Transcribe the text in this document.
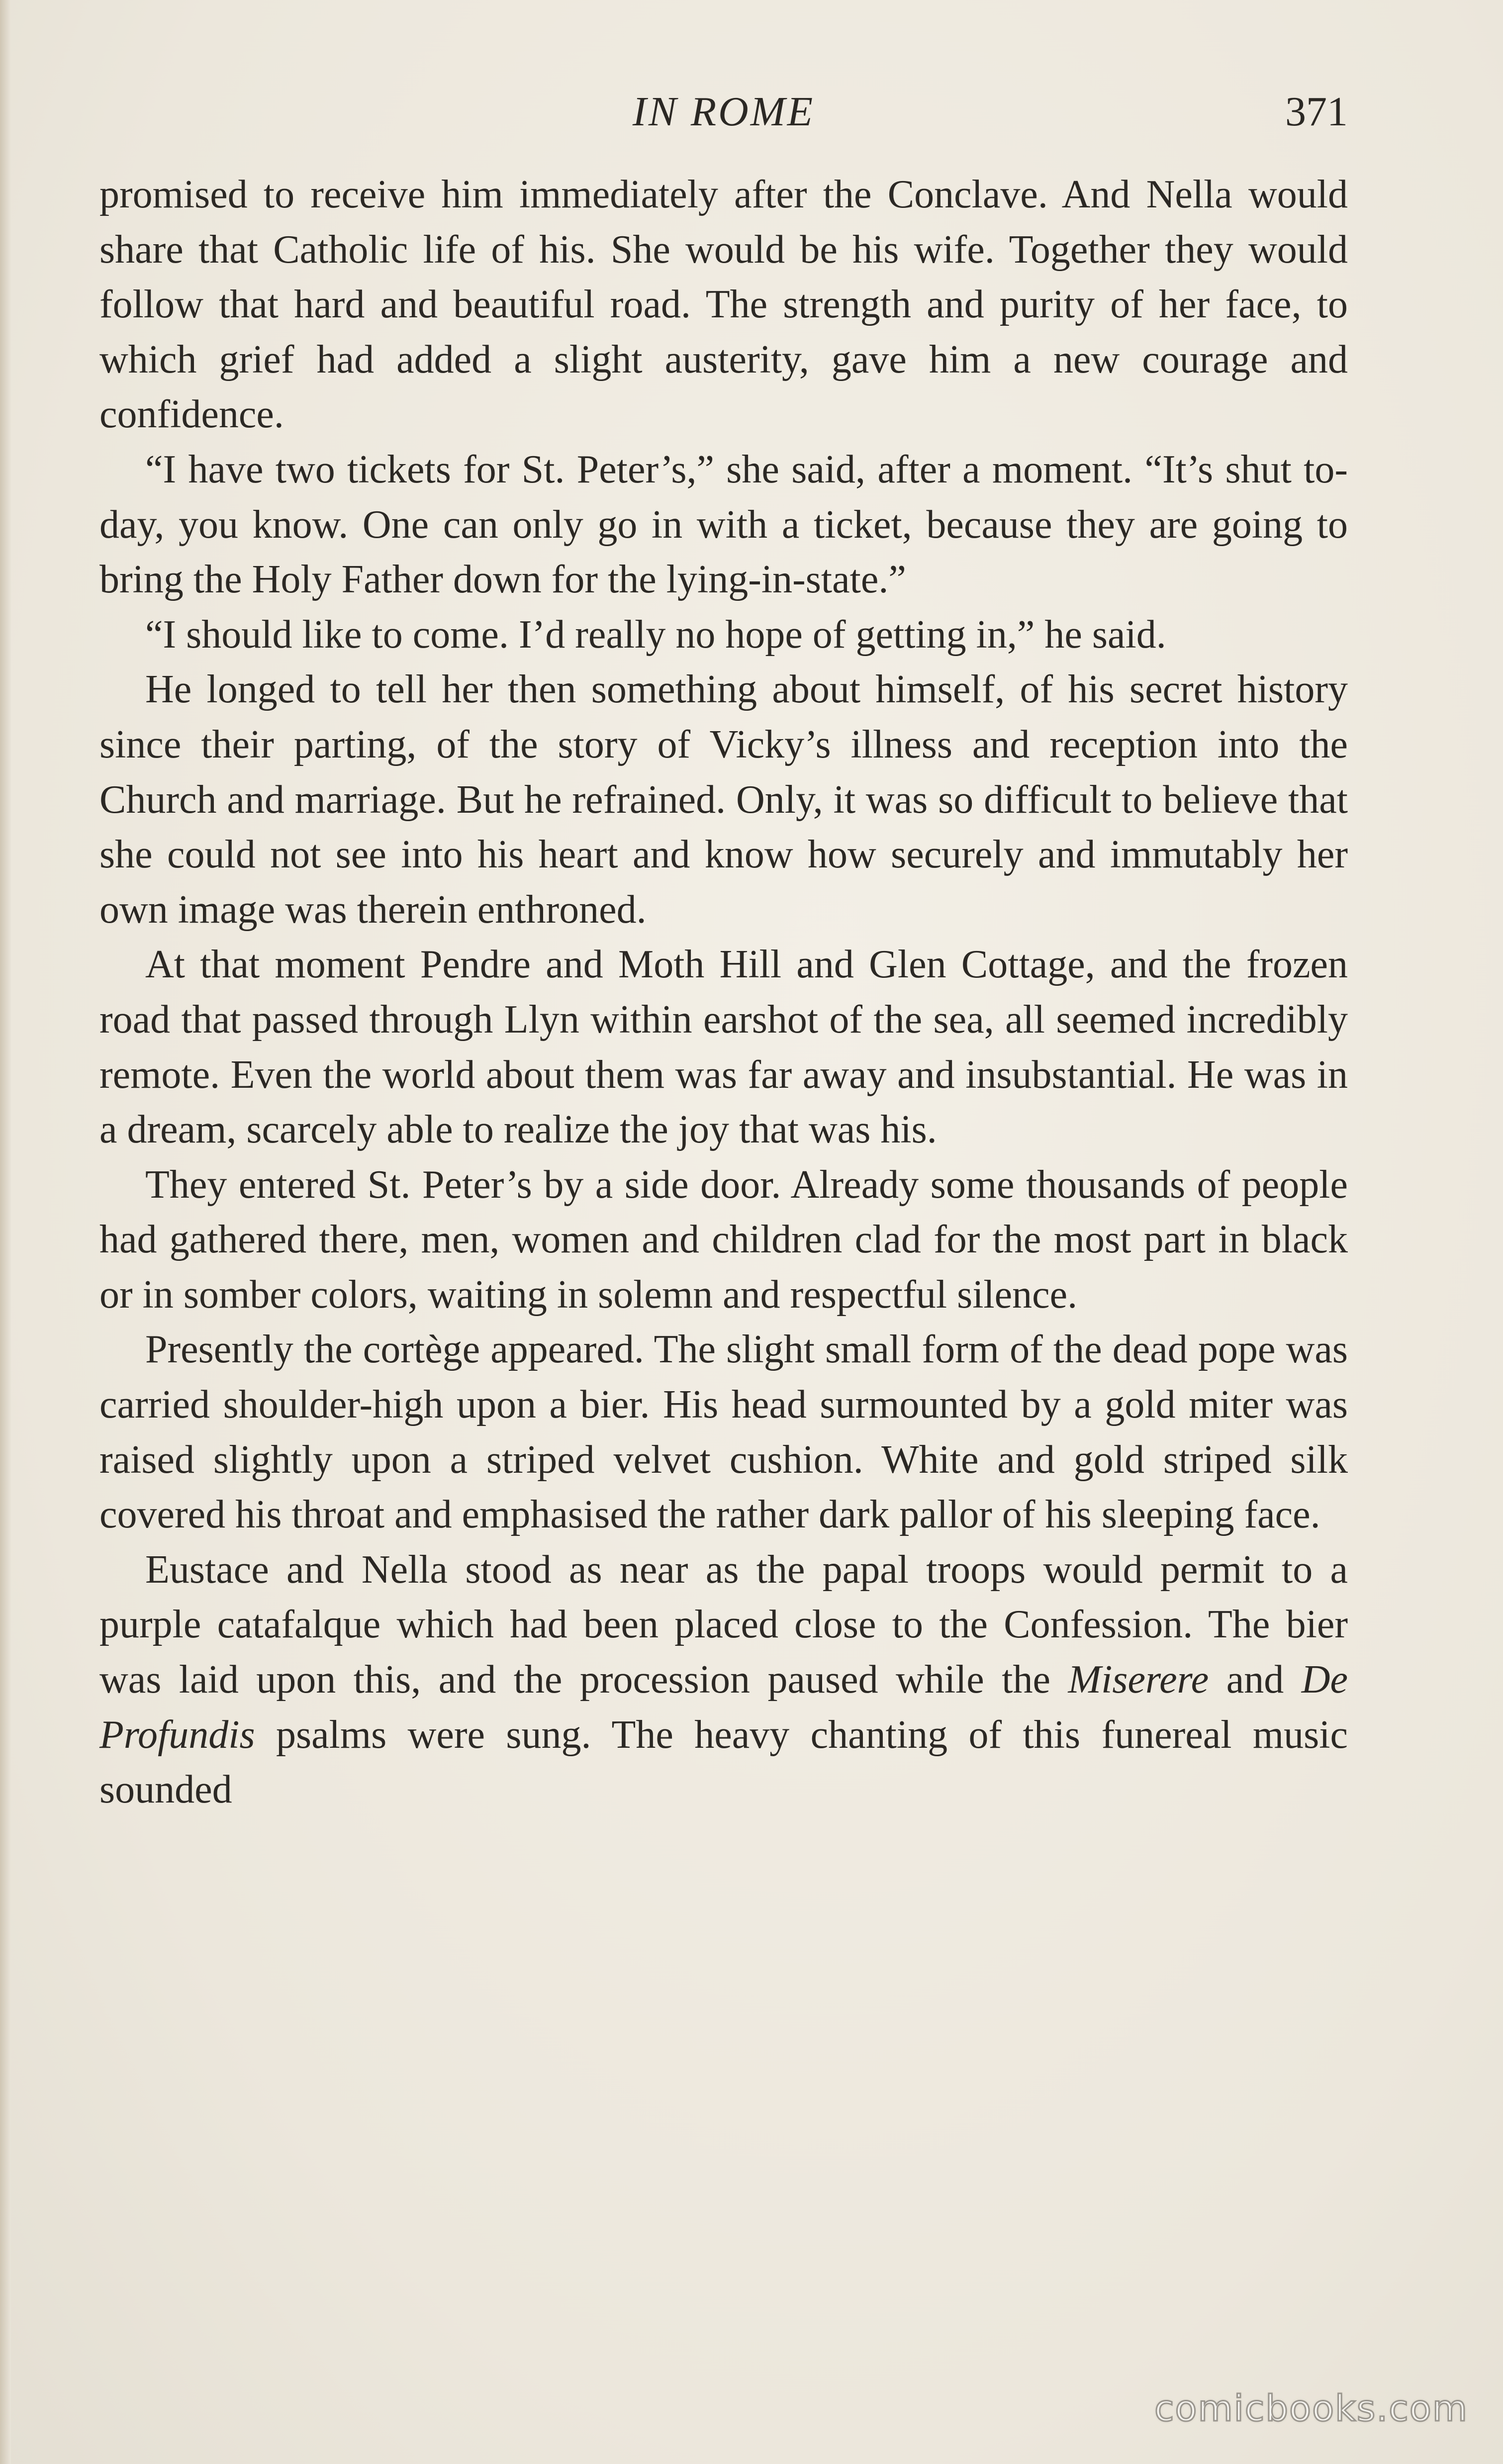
IN ROME	371

promised to receive him immediately after the Conclave. And Nella would share that Catholic life of his. She would be his wife. Together they would follow that hard and beautiful road. The strength and purity of her face, to which grief had added a slight austerity, gave him a new courage and confidence.

“I have two tickets for St. Peter’s,” she said, after a moment. “It’s shut to-day, you know. One can only go in with a ticket, because they are going to bring the Holy Father down for the lying-in-state.”

“I should like to come. I’d really no hope of getting in,” he said.

He longed to tell her then something about himself, of his secret history since their parting, of the story of Vicky’s illness and reception into the Church and marriage. But he refrained. Only, it was so difficult to believe that she could not see into his heart and know how securely and immutably her own image was therein enthroned.

At that moment Pendre and Moth Hill and Glen Cottage, and the frozen road that passed through Llyn within earshot of the sea, all seemed incredibly remote. Even the world about them was far away and insubstantial. He was in a dream, scarcely able to realize the joy that was his.

They entered St. Peter’s by a side door. Already some thousands of people had gathered there, men, women and children clad for the most part in black or in somber colors, waiting in solemn and respectful silence.

Presently the cortège appeared. The slight small form of the dead pope was carried shoulder-high upon a bier. His head surmounted by a gold miter was raised slightly upon a striped velvet cushion. White and gold striped silk covered his throat and emphasised the rather dark pallor of his sleeping face.

Eustace and Nella stood as near as the papal troops would permit to a purple catafalque which had been placed close to the Confession. The bier was laid upon this, and the procession paused while the Miserere and De Profundis psalms were sung. The heavy chanting of this funereal music sounded

comicbooks.com
